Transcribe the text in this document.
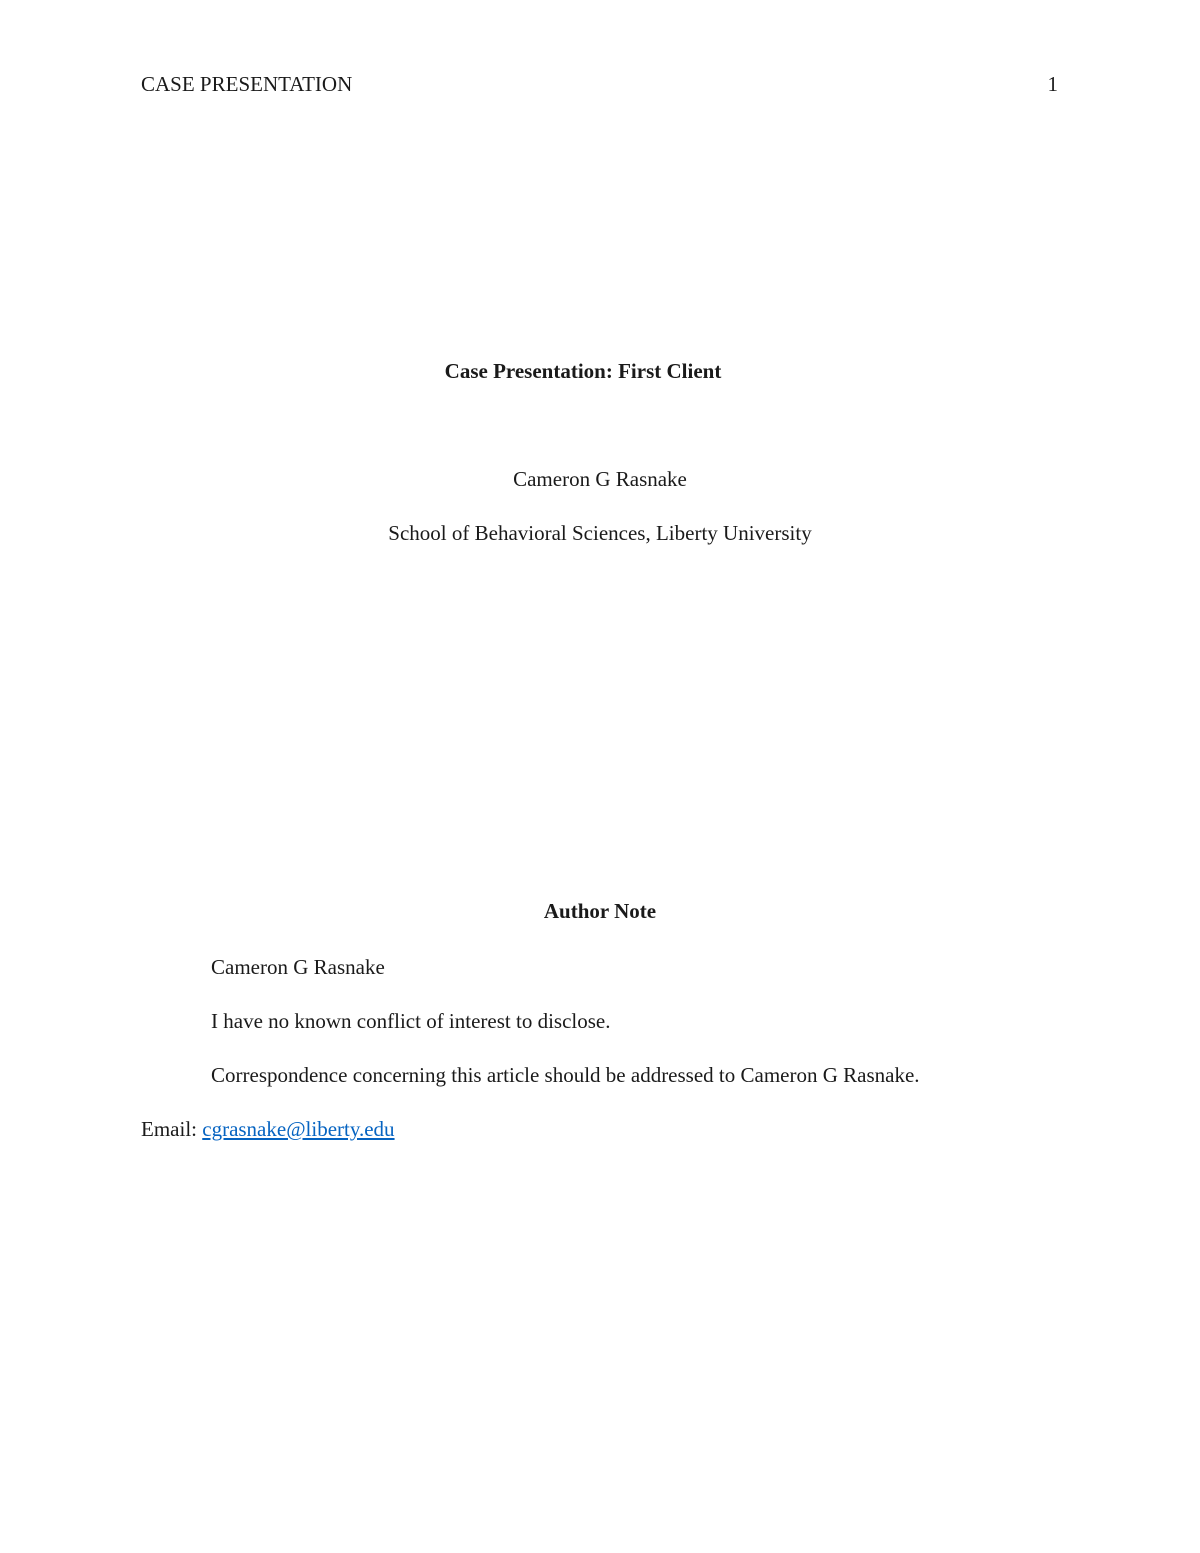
CASE PRESENTATION	1
Case Presentation: First Client
Cameron G Rasnake
School of Behavioral Sciences, Liberty University
Author Note
Cameron G Rasnake
I have no known conflict of interest to disclose.
Correspondence concerning this article should be addressed to Cameron G Rasnake.
Email: cgrasnake@liberty.edu
